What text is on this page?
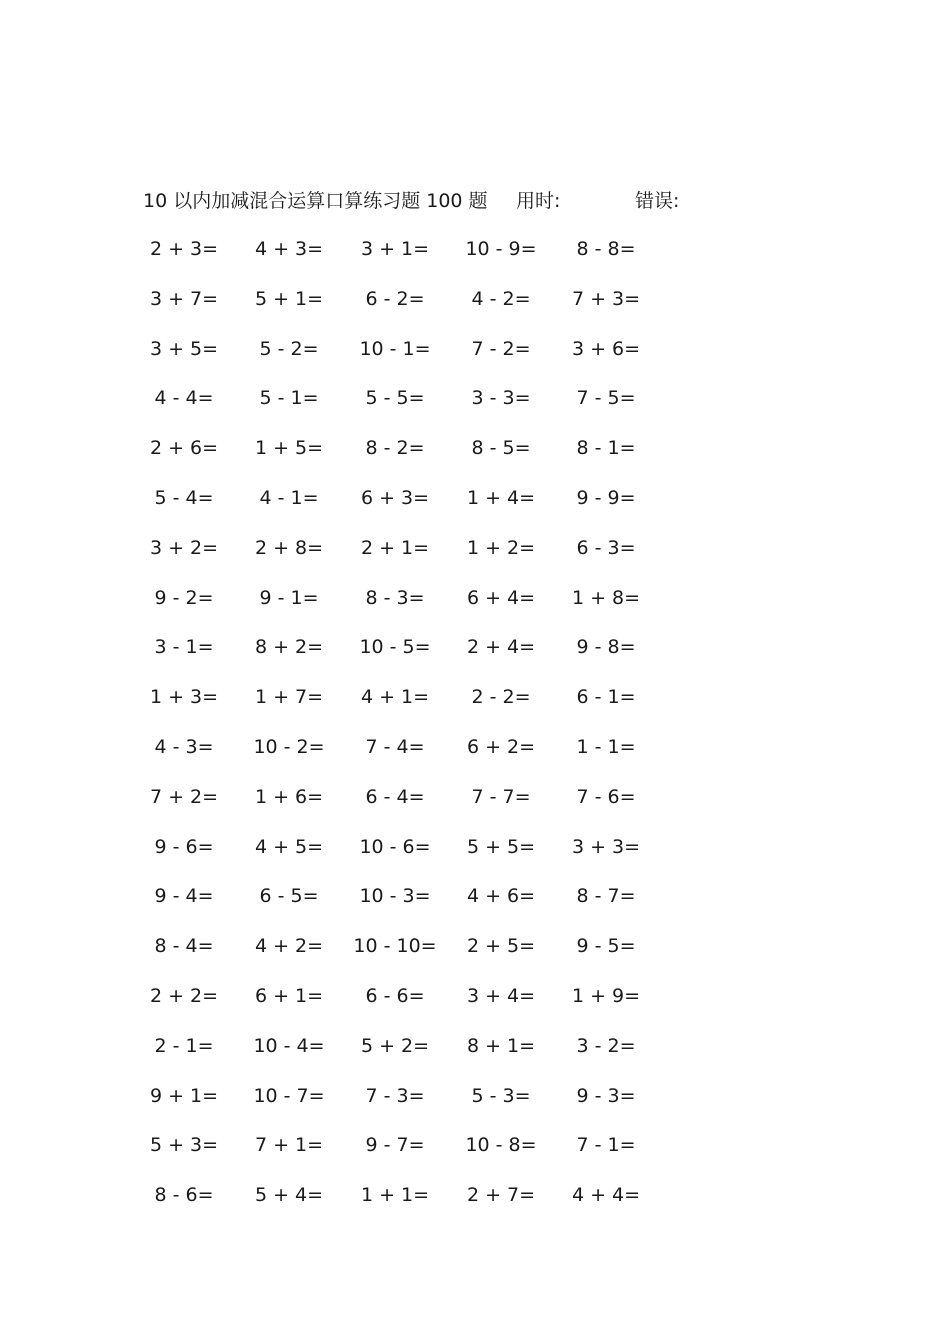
10 以内加减混合运算口算练习题 100 题 用时:	错误:
2 + 3=	4 + 3=	3 + 1=	10 - 9=	8 - 8=
3 + 7=	5 + 1=	6 - 2=	4 - 2=	7 + 3=
3 + 5=	5 - 2=	10 - 1=	7 - 2=	3 + 6=
4 - 4=	5 - 1=	5 - 5=	3 - 3=	7 - 5=
2 + 6=	1 + 5=	8 - 2=	8 - 5=	8 - 1=
5 - 4=	4 - 1=	6 + 3=	1 + 4=	9 - 9=
3 + 2=	2 + 8=	2 + 1=	1 + 2=	6 - 3=
9 - 2=	9 - 1=	8 - 3=	6 + 4=	1 + 8=
3 - 1=	8 + 2=	10 - 5=	2 + 4=	9 - 8=
1 + 3=	1 + 7=	4 + 1=	2 - 2=	6 - 1=
4 - 3=	10 - 2=	7 - 4=	6 + 2=	1 - 1=
7 + 2=	1 + 6=	6 - 4=	7 - 7=	7 - 6=
9 - 6=	4 + 5=	10 - 6=	5 + 5=	3 + 3=
9 - 4=	6 - 5=	10 - 3=	4 + 6=	8 - 7=
8 - 4=	4 + 2=	10 - 10=	2 + 5=	9 - 5=
2 + 2=	6 + 1=	6 - 6=	3 + 4=	1 + 9=
2 - 1=	10 - 4=	5 + 2=	8 + 1=	3 - 2=
9 + 1=	10 - 7=	7 - 3=	5 - 3=	9 - 3=
5 + 3=	7 + 1=	9 - 7=	10 - 8=	7 - 1=
8 - 6=	5 + 4=	1 + 1=	2 + 7=	4 + 4=
